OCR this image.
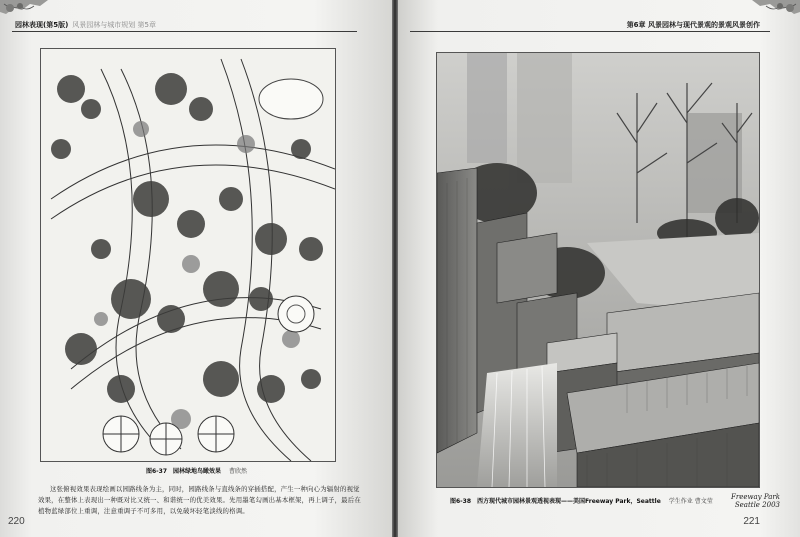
园林表现(第5版) 风景园林与城市规划 第5章
图6-37 园林绿地鸟瞰效果 曹欣然

这张俯视效果表现绘画以园路线条为主，同时，园路线条与直线条的穿插搭配，产生一种向心为辐射的视觉效果，在整体上表现出一种既对比又统一、和谐统一的优美效果。先用墨笔勾画出基本框架，再上调子，最后在植物蓝绿部位上重调，注意重调子不可多用，以免破坏轻笔淡线的格调。

220
第6章 风景园林与现代景观的景观风景创作
Freeway Park
Seattle 2003
图6-38 西方现代城市园林景观透视表现——美国Freeway Park，Seattle 学生作业 曹文莹
221
